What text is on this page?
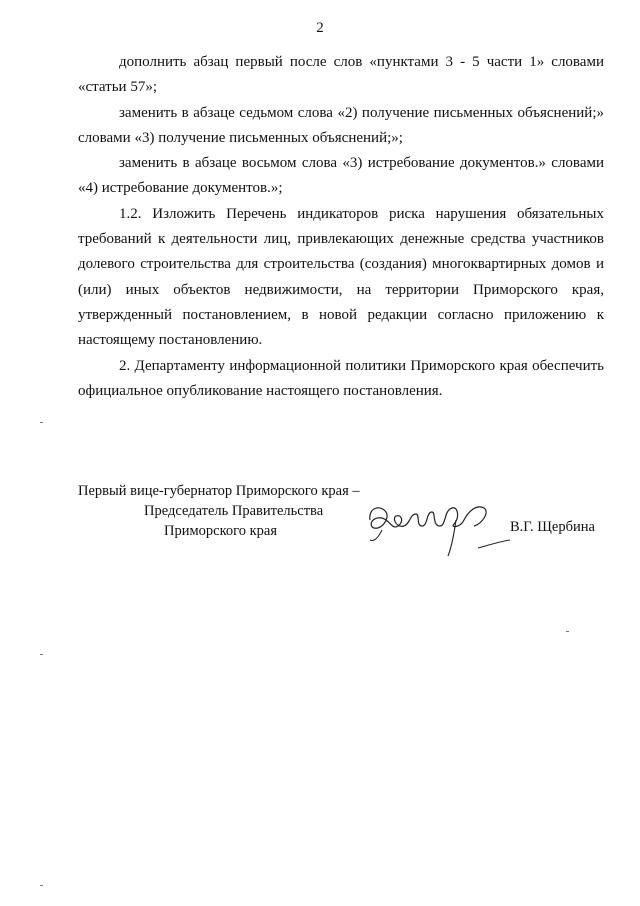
2

дополнить абзац первый после слов «пунктами 3 - 5 части 1» словами «статьи 57»;

заменить в абзаце седьмом слова «2) получение письменных объяснений;» словами «3) получение письменных объяснений;»;

заменить в абзаце восьмом слова «3) истребование документов.» словами «4) истребование документов.»;

1.2. Изложить Перечень индикаторов риска нарушения обязательных требований к деятельности лиц, привлекающих денежные средства участников долевого строительства для строительства (создания) многоквартирных домов и (или) иных объектов недвижимости, на территории Приморского края, утвержденный постановлением, в новой редакции согласно приложению к настоящему постановлению.

2. Департаменту информационной политики Приморского края обеспечить официальное опубликование настоящего постановления.

Первый вице-губернатор Приморского края –
Председатель Правительства
Приморского края	В.Г. Щербина
